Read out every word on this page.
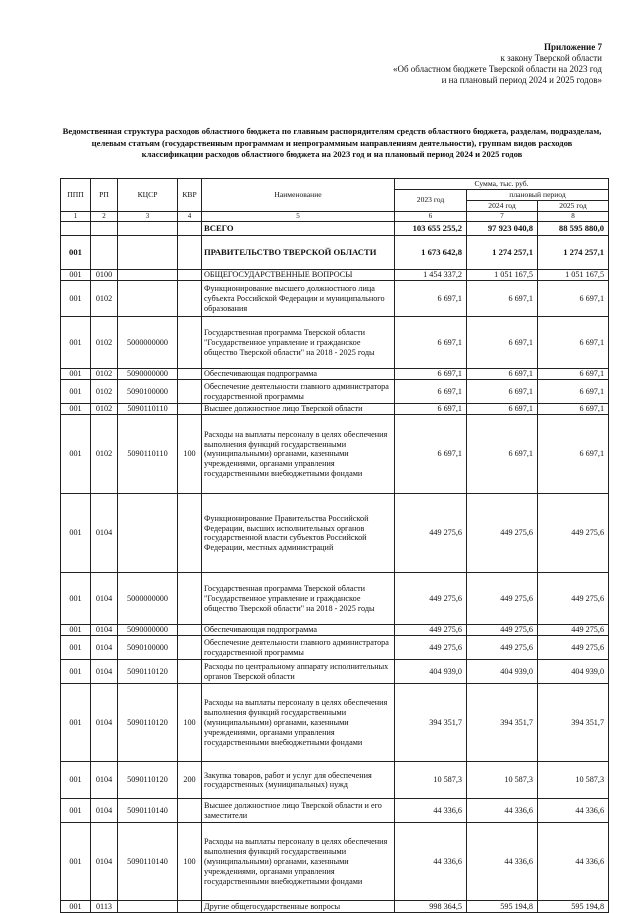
Приложение 7
к закону Тверской области
«Об областном бюджете Тверской области на 2023 год
и на плановый период 2024 и 2025 годов»
Ведомственная структура расходов областного бюджета по главным распорядителям средств областного бюджета, разделам, подразделам, целевым статьям (государственным программам и непрограммным направлениям деятельности), группам видов расходов классификации расходов областного бюджета на 2023 год и на плановый период 2024 и 2025 годов
ППП	РП	КЦСР	КВР	Наименование	Сумма, тыс. руб.		
					2023 год	плановый период	
						2024 год	2025 год
1	2	3	4	5	6	7	8
				ВСЕГО	103 655 255,2	97 923 040,8	88 595 880,0
001				ПРАВИТЕЛЬСТВО ТВЕРСКОЙ ОБЛАСТИ	1 673 642,8	1 274 257,1	1 274 257,1
001	0100			ОБЩЕГОСУДАРСТВЕННЫЕ ВОПРОСЫ	1 454 337,2	1 051 167,5	1 051 167,5
001	0102			Функционирование высшего должностного лица субъекта Российской Федерации и муниципального образования	6 697,1	6 697,1	6 697,1
001	0102	5000000000		Государственная программа Тверской области "Государственное управление и гражданское общество Тверской области" на 2018 - 2025 годы	6 697,1	6 697,1	6 697,1
001	0102	5090000000		Обеспечивающая подпрограмма	6 697,1	6 697,1	6 697,1
001	0102	5090100000		Обеспечение деятельности главного администратора государственной программы	6 697,1	6 697,1	6 697,1
001	0102	5090110110		Высшее должностное лицо Тверской области	6 697,1	6 697,1	6 697,1
001	0102	5090110110	100	Расходы на выплаты персоналу в целях обеспечения выполнения функций государственными (муниципальными) органами, казенными учреждениями, органами управления государственными внебюджетными фондами	6 697,1	6 697,1	6 697,1
001	0104			Функционирование Правительства Российской Федерации, высших исполнительных органов государственной власти субъектов Российской Федерации, местных администраций	449 275,6	449 275,6	449 275,6
001	0104	5000000000		Государственная программа Тверской области "Государственное управление и гражданское общество Тверской области" на 2018 - 2025 годы	449 275,6	449 275,6	449 275,6
001	0104	5090000000		Обеспечивающая подпрограмма	449 275,6	449 275,6	449 275,6
001	0104	5090100000		Обеспечение деятельности главного администратора государственной программы	449 275,6	449 275,6	449 275,6
001	0104	5090110120		Расходы по центральному аппарату исполнительных органов Тверской области	404 939,0	404 939,0	404 939,0
001	0104	5090110120	100	Расходы на выплаты персоналу в целях обеспечения выполнения функций государственными (муниципальными) органами, казенными учреждениями, органами управления государственными внебюджетными фондами	394 351,7	394 351,7	394 351,7
001	0104	5090110120	200	Закупка товаров, работ и услуг для обеспечения государственных (муниципальных) нужд	10 587,3	10 587,3	10 587,3
001	0104	5090110140		Высшее должностное лицо Тверской области и его заместители	44 336,6	44 336,6	44 336,6
001	0104	5090110140	100	Расходы на выплаты персоналу в целях обеспечения выполнения функций государственными (муниципальными) органами, казенными учреждениями, органами управления государственными внебюджетными фондами	44 336,6	44 336,6	44 336,6
001	0113			Другие общегосударственные вопросы	998 364,5	595 194,8	595 194,8
